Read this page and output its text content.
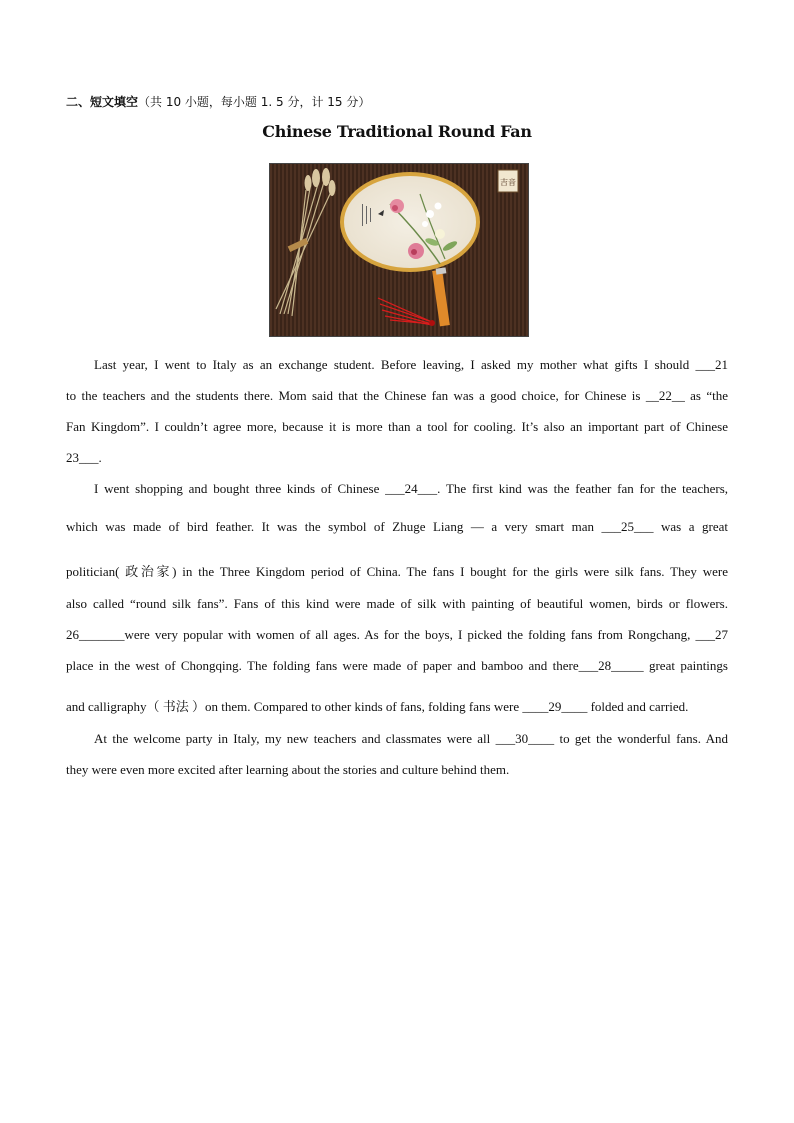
二、短文填空（共 10 小题，每小题 1. 5 分，计 15 分）
Chinese Traditional Round Fan
吉音
Last year, I went to Italy as an exchange student. Before leaving, I asked my mother what gifts I should ___21
to the teachers and the students there. Mom said that the Chinese fan was a good choice, for Chinese is __22__ as “the
Fan Kingdom”. I couldn’t agree more, because it is more than a tool for cooling. It’s also an important part of Chinese
23___.
I went shopping and bought three kinds of Chinese ___24___. The first kind was the feather fan for the teachers,
which was made of bird feather. It was the symbol of Zhuge Liang — a very smart man ___25___ was a great
politician( 政治家) in the Three Kingdom period of China. The fans I bought for the girls were silk fans. They were
also called “round silk fans”. Fans of this kind were made of silk with painting of beautiful women, birds or flowers.
26_______were very popular with women of all ages. As for the boys, I picked the folding fans from Rongchang, ___27
place in the west of Chongqing. The folding fans were made of paper and bamboo and there___28_____ great paintings
and calligraphy（ 书法 ）on them. Compared to other kinds of fans, folding fans were ____29____ folded and carried.
At the welcome party in Italy, my new teachers and classmates were all ___30____ to get the wonderful fans. And
they were even more excited after learning about the stories and culture behind them.
